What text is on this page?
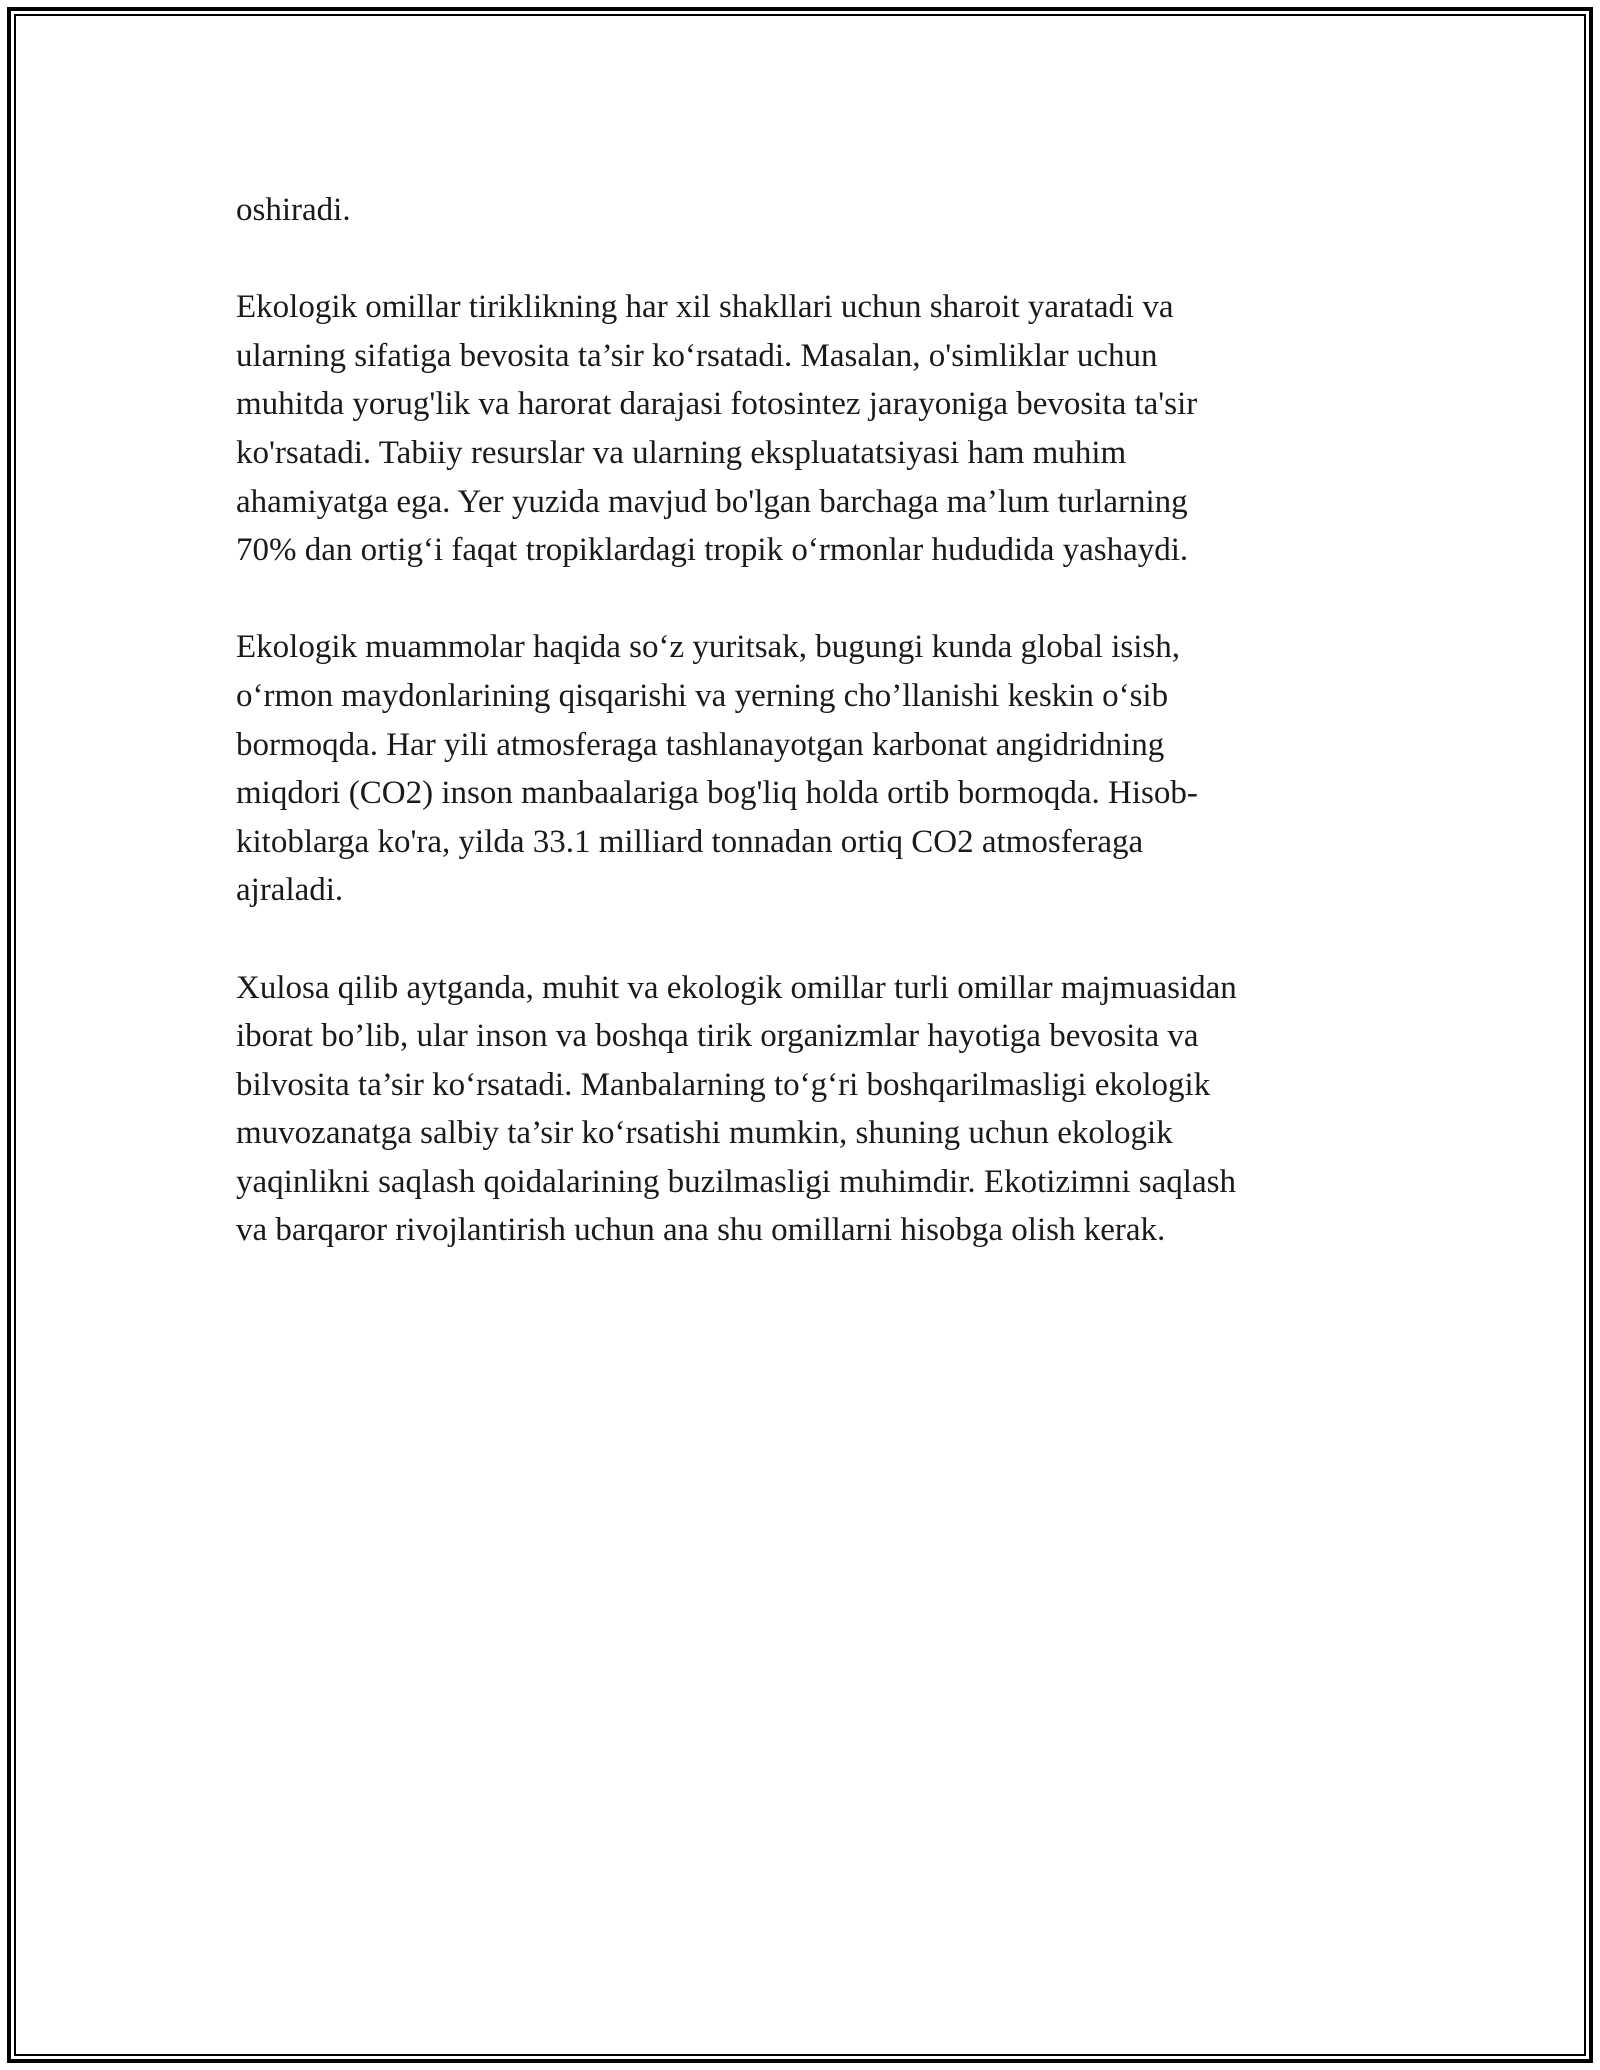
oshiradi.

Ekologik omillar tiriklikning har xil shakllari uchun sharoit yaratadi va
ularning sifatiga bevosita ta’sir ko‘rsatadi. Masalan, o'simliklar uchun
muhitda yorug'lik va harorat darajasi fotosintez jarayoniga bevosita ta'sir
ko'rsatadi. Tabiiy resurslar va ularning ekspluatatsiyasi ham muhim
ahamiyatga ega. Yer yuzida mavjud bo'lgan barchaga ma’lum turlarning
70% dan ortig‘i faqat tropiklardagi tropik o‘rmonlar hududida yashaydi.

Ekologik muammolar haqida so‘z yuritsak, bugungi kunda global isish,
o‘rmon maydonlarining qisqarishi va yerning cho’llanishi keskin o‘sib
bormoqda. Har yili atmosferaga tashlanayotgan karbonat angidridning
miqdori (CO2) inson manbaalariga bog'liq holda ortib bormoqda. Hisob-
kitoblarga ko'ra, yilda 33.1 milliard tonnadan ortiq CO2 atmosferaga
ajraladi.

Xulosa qilib aytganda, muhit va ekologik omillar turli omillar majmuasidan
iborat bo’lib, ular inson va boshqa tirik organizmlar hayotiga bevosita va
bilvosita ta’sir ko‘rsatadi. Manbalarning to‘g‘ri boshqarilmasligi ekologik
muvozanatga salbiy ta’sir ko‘rsatishi mumkin, shuning uchun ekologik
yaqinlikni saqlash qoidalarining buzilmasligi muhimdir. Ekotizimni saqlash
va barqaror rivojlantirish uchun ana shu omillarni hisobga olish kerak.
